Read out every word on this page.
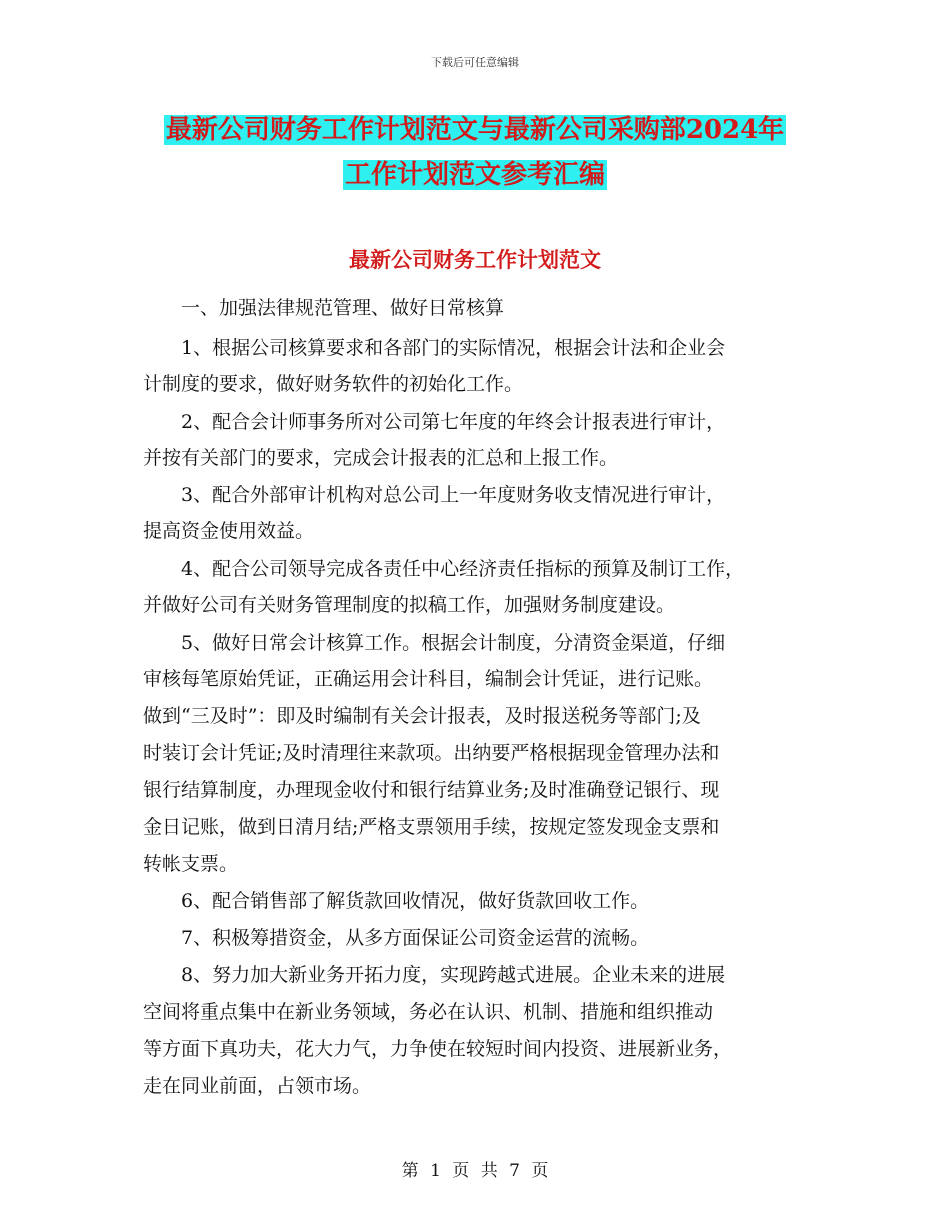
下载后可任意编辑
最新公司财务工作计划范文与最新公司采购部2024年
工作计划范文参考汇编
最新公司财务工作计划范文
　　一、加强法律规范管理、做好日常核算
　　1、根据公司核算要求和各部门的实际情况，根据会计法和企业会
计制度的要求，做好财务软件的初始化工作。
　　2、配合会计师事务所对公司第七年度的年终会计报表进行审计，
并按有关部门的要求，完成会计报表的汇总和上报工作。
　　3、配合外部审计机构对总公司上一年度财务收支情况进行审计，
提高资金使用效益。
　　4、配合公司领导完成各责任中心经济责任指标的预算及制订工作，
并做好公司有关财务管理制度的拟稿工作，加强财务制度建设。
　　5、做好日常会计核算工作。根据会计制度，分清资金渠道，仔细
审核每笔原始凭证，正确运用会计科目，编制会计凭证，进行记账。
做到“三及时”：即及时编制有关会计报表，及时报送税务等部门;及
时装订会计凭证;及时清理往来款项。出纳要严格根据现金管理办法和
银行结算制度，办理现金收付和银行结算业务;及时准确登记银行、现
金日记账，做到日清月结;严格支票领用手续，按规定签发现金支票和
转帐支票。
　　6、配合销售部了解货款回收情况，做好货款回收工作。
　　7、积极筹措资金，从多方面保证公司资金运营的流畅。
　　8、努力加大新业务开拓力度，实现跨越式进展。企业未来的进展
空间将重点集中在新业务领域，务必在认识、机制、措施和组织推动
等方面下真功夫，花大力气，力争使在较短时间内投资、进展新业务，
走在同业前面，占领市场。
第 1 页 共 7 页
